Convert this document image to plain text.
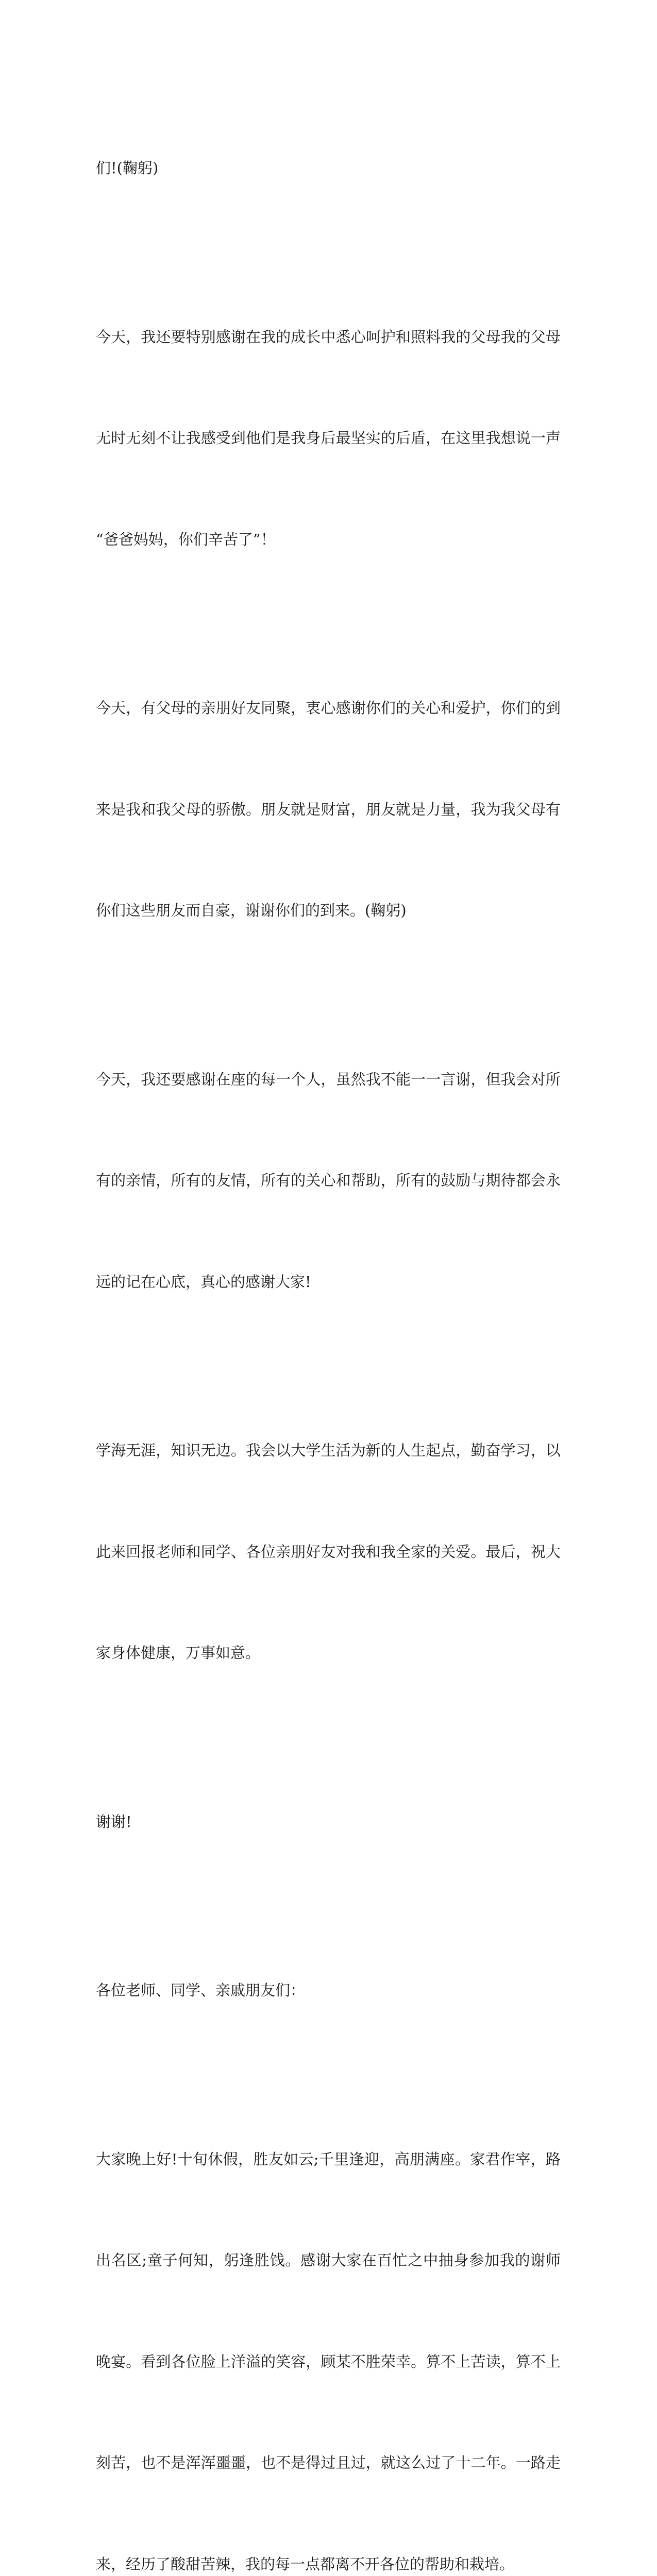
们!(鞠躬)

今天，我还要特别感谢在我的成长中悉心呵护和照料我的父母我的父母

无时无刻不让我感受到他们是我身后最坚实的后盾，在这里我想说一声

“爸爸妈妈，你们辛苦了”！

今天，有父母的亲朋好友同聚，衷心感谢你们的关心和爱护，你们的到

来是我和我父母的骄傲。朋友就是财富，朋友就是力量，我为我父母有

你们这些朋友而自豪，谢谢你们的到来。(鞠躬)

今天，我还要感谢在座的每一个人，虽然我不能一一言谢，但我会对所

有的亲情，所有的友情，所有的关心和帮助，所有的鼓励与期待都会永

远的记在心底，真心的感谢大家!

学海无涯，知识无边。我会以大学生活为新的人生起点，勤奋学习，以

此来回报老师和同学、各位亲朋好友对我和我全家的关爱。最后，祝大

家身体健康，万事如意。

谢谢!

各位老师、同学、亲戚朋友们：

大家晚上好!十旬休假，胜友如云;千里逢迎，高朋满座。家君作宰，路

出名区;童子何知，躬逢胜饯。感谢大家在百忙之中抽身参加我的谢师

晚宴。看到各位脸上洋溢的笑容，顾某不胜荣幸。算不上苦读，算不上

刻苦，也不是浑浑噩噩，也不是得过且过，就这么过了十二年。一路走

来，经历了酸甜苦辣，我的每一点都离不开各位的帮助和栽培。
